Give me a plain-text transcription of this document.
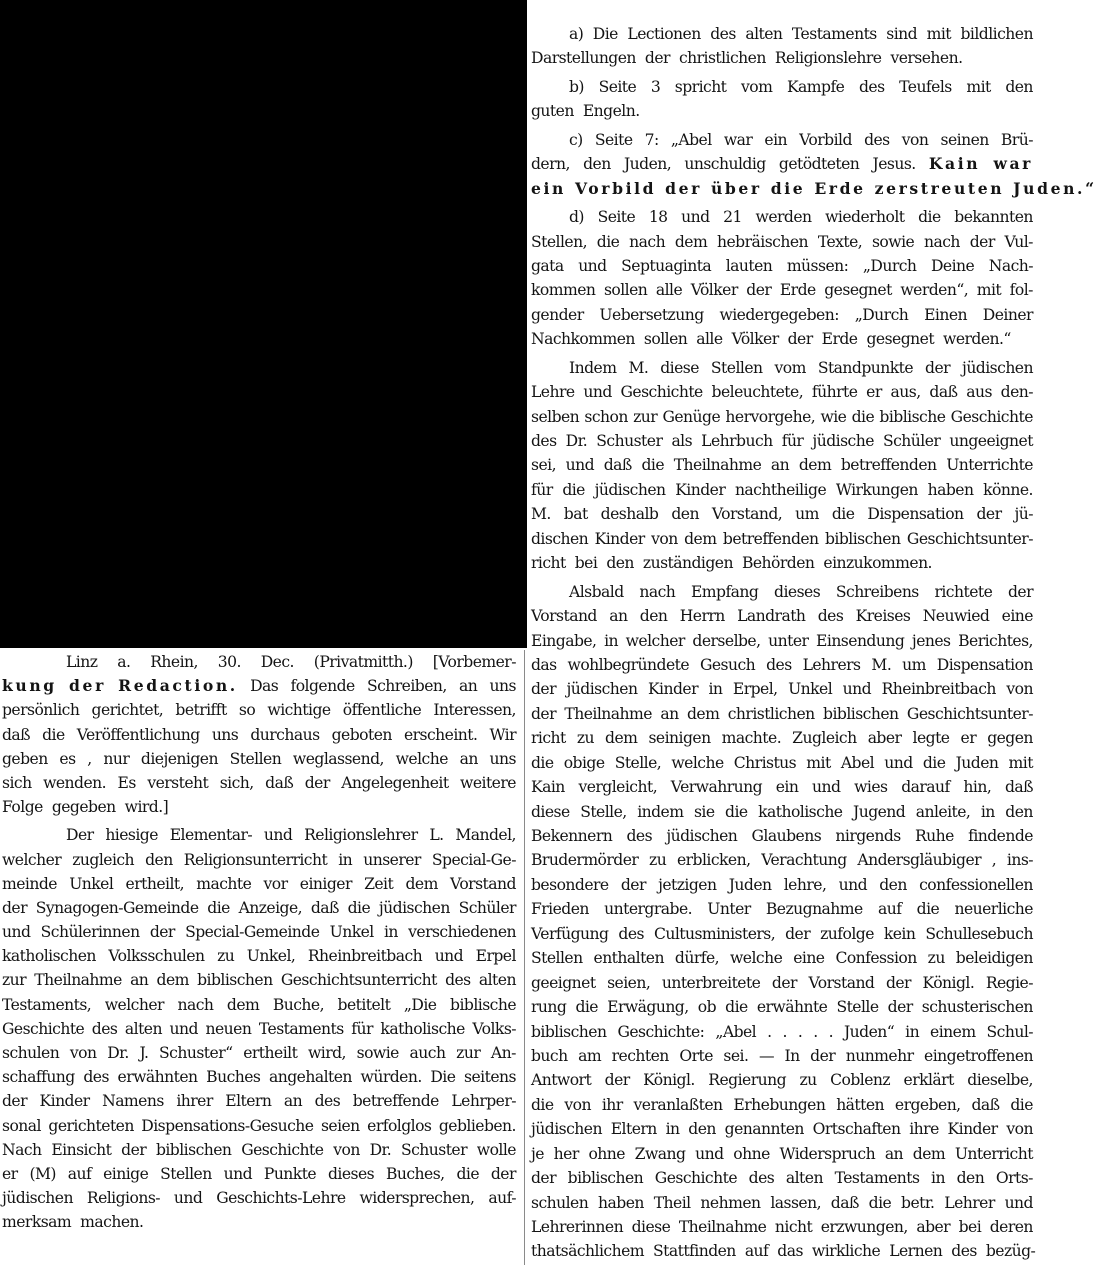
Linz a. Rhein, 30. Dec. (Privatmitth.) [Vorbemer-
kung der Redaction. Das folgende Schreiben, an uns
persönlich gerichtet, betrifft so wichtige öffentliche Interessen,
daß die Veröffentlichung uns durchaus geboten erscheint. Wir
geben es , nur diejenigen Stellen weglassend, welche an uns
sich wenden. Es versteht sich, daß der Angelegenheit weitere
Folge gegeben wird.]
Der hiesige Elementar- und Religionslehrer L. Mandel,
welcher zugleich den Religionsunterricht in unserer Special-Ge-
meinde Unkel ertheilt, machte vor einiger Zeit dem Vorstand
der Synagogen-Gemeinde die Anzeige, daß die jüdischen Schüler
und Schülerinnen der Special-Gemeinde Unkel in verschiedenen
katholischen Volksschulen zu Unkel, Rheinbreitbach und Erpel
zur Theilnahme an dem biblischen Geschichtsunterricht des alten
Testaments, welcher nach dem Buche, betitelt „Die biblische
Geschichte des alten und neuen Testaments für katholische Volks-
schulen von Dr. J. Schuster“ ertheilt wird, sowie auch zur An-
schaffung des erwähnten Buches angehalten würden. Die seitens
der Kinder Namens ihrer Eltern an des betreffende Lehrper-
sonal gerichteten Dispensations-Gesuche seien erfolglos geblieben.
Nach Einsicht der biblischen Geschichte von Dr. Schuster wolle
er (M) auf einige Stellen und Punkte dieses Buches, die der
jüdischen Religions- und Geschichts-Lehre widersprechen, auf-
merksam machen.
a) Die Lectionen des alten Testaments sind mit bildlichen
Darstellungen der christlichen Religionslehre versehen.
b) Seite 3 spricht vom Kampfe des Teufels mit den
guten Engeln.
c) Seite 7: „Abel war ein Vorbild des von seinen Brü-
dern, den Juden, unschuldig getödteten Jesus. Kain war
ein Vorbild der über die Erde zerstreuten Juden.“
d) Seite 18 und 21 werden wiederholt die bekannten
Stellen, die nach dem hebräischen Texte, sowie nach der Vul-
gata und Septuaginta lauten müssen: „Durch Deine Nach-
kommen sollen alle Völker der Erde gesegnet werden“, mit fol-
gender Uebersetzung wiedergegeben: „Durch Einen Deiner
Nachkommen sollen alle Völker der Erde gesegnet werden.“
Indem M. diese Stellen vom Standpunkte der jüdischen
Lehre und Geschichte beleuchtete, führte er aus, daß aus den-
selben schon zur Genüge hervorgehe, wie die biblische Geschichte
des Dr. Schuster als Lehrbuch für jüdische Schüler ungeeignet
sei, und daß die Theilnahme an dem betreffenden Unterrichte
für die jüdischen Kinder nachtheilige Wirkungen haben könne.
M. bat deshalb den Vorstand, um die Dispensation der jü-
dischen Kinder von dem betreffenden biblischen Geschichtsunter-
richt bei den zuständigen Behörden einzukommen.
Alsbald nach Empfang dieses Schreibens richtete der
Vorstand an den Herrn Landrath des Kreises Neuwied eine
Eingabe, in welcher derselbe, unter Einsendung jenes Berichtes,
das wohlbegründete Gesuch des Lehrers M. um Dispensation
der jüdischen Kinder in Erpel, Unkel und Rheinbreitbach von
der Theilnahme an dem christlichen biblischen Geschichtsunter-
richt zu dem seinigen machte. Zugleich aber legte er gegen
die obige Stelle, welche Christus mit Abel und die Juden mit
Kain vergleicht, Verwahrung ein und wies darauf hin, daß
diese Stelle, indem sie die katholische Jugend anleite, in den
Bekennern des jüdischen Glaubens nirgends Ruhe findende
Brudermörder zu erblicken, Verachtung Andersgläubiger , ins-
besondere der jetzigen Juden lehre, und den confessionellen
Frieden untergrabe. Unter Bezugnahme auf die neuerliche
Verfügung des Cultusministers, der zufolge kein Schullesebuch
Stellen enthalten dürfe, welche eine Confession zu beleidigen
geeignet seien, unterbreitete der Vorstand der Königl. Regie-
rung die Erwägung, ob die erwähnte Stelle der schusterischen
biblischen Geschichte: „Abel . . . . . Juden“ in einem Schul-
buch am rechten Orte sei. — In der nunmehr eingetroffenen
Antwort der Königl. Regierung zu Coblenz erklärt dieselbe,
die von ihr veranlaßten Erhebungen hätten ergeben, daß die
jüdischen Eltern in den genannten Ortschaften ihre Kinder von
je her ohne Zwang und ohne Widerspruch an dem Unterricht
der biblischen Geschichte des alten Testaments in den Orts-
schulen haben Theil nehmen lassen, daß die betr. Lehrer und
Lehrerinnen diese Theilnahme nicht erzwungen, aber bei deren
thatsächlichem Stattfinden auf das wirkliche Lernen des bezüg-
